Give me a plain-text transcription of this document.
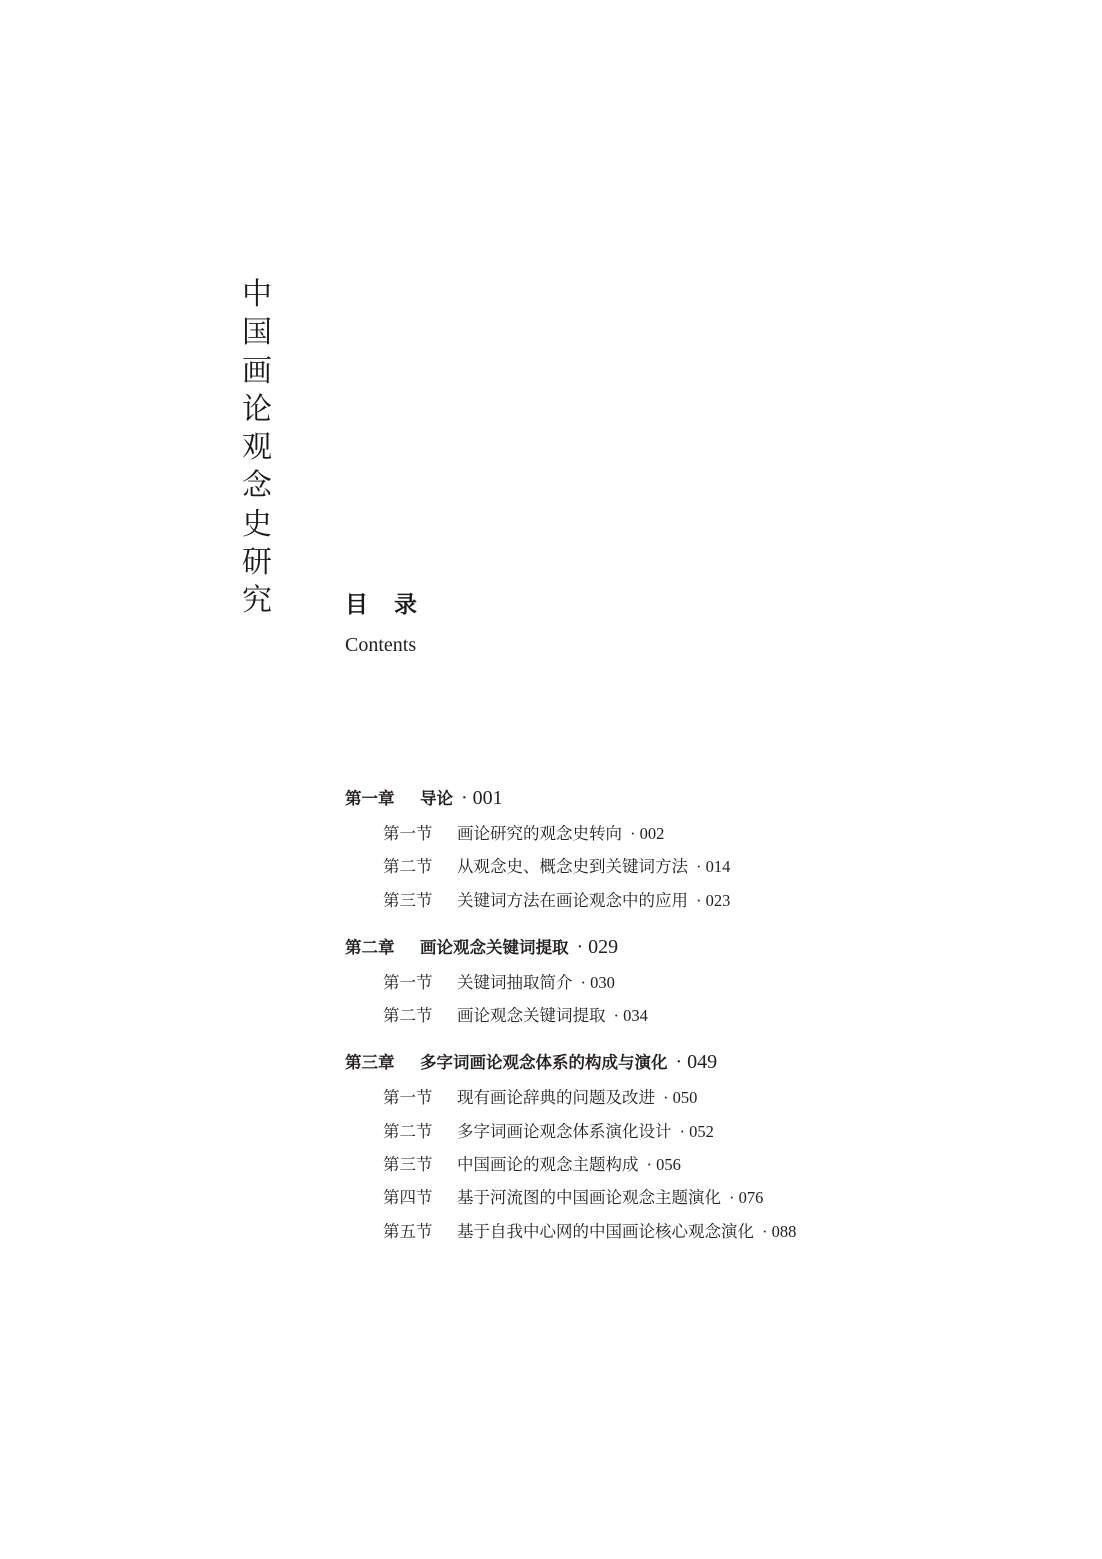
中
国
画
论
观
念
史
研
究	目 录
Contents
第一章	导论 · 001
第一节	画论研究的观念史转向 · 002
第二节	从观念史、概念史到关键词方法 · 014
第三节	关键词方法在画论观念中的应用 · 023
第二章	画论观念关键词提取 · 029
第一节	关键词抽取简介 · 030
第二节	画论观念关键词提取 · 034
第三章	多字词画论观念体系的构成与演化 · 049
第一节	现有画论辞典的问题及改进 · 050
第二节	多字词画论观念体系演化设计 · 052
第三节	中国画论的观念主题构成 · 056
第四节	基于河流图的中国画论观念主题演化 · 076
第五节	基于自我中心网的中国画论核心观念演化 · 088
